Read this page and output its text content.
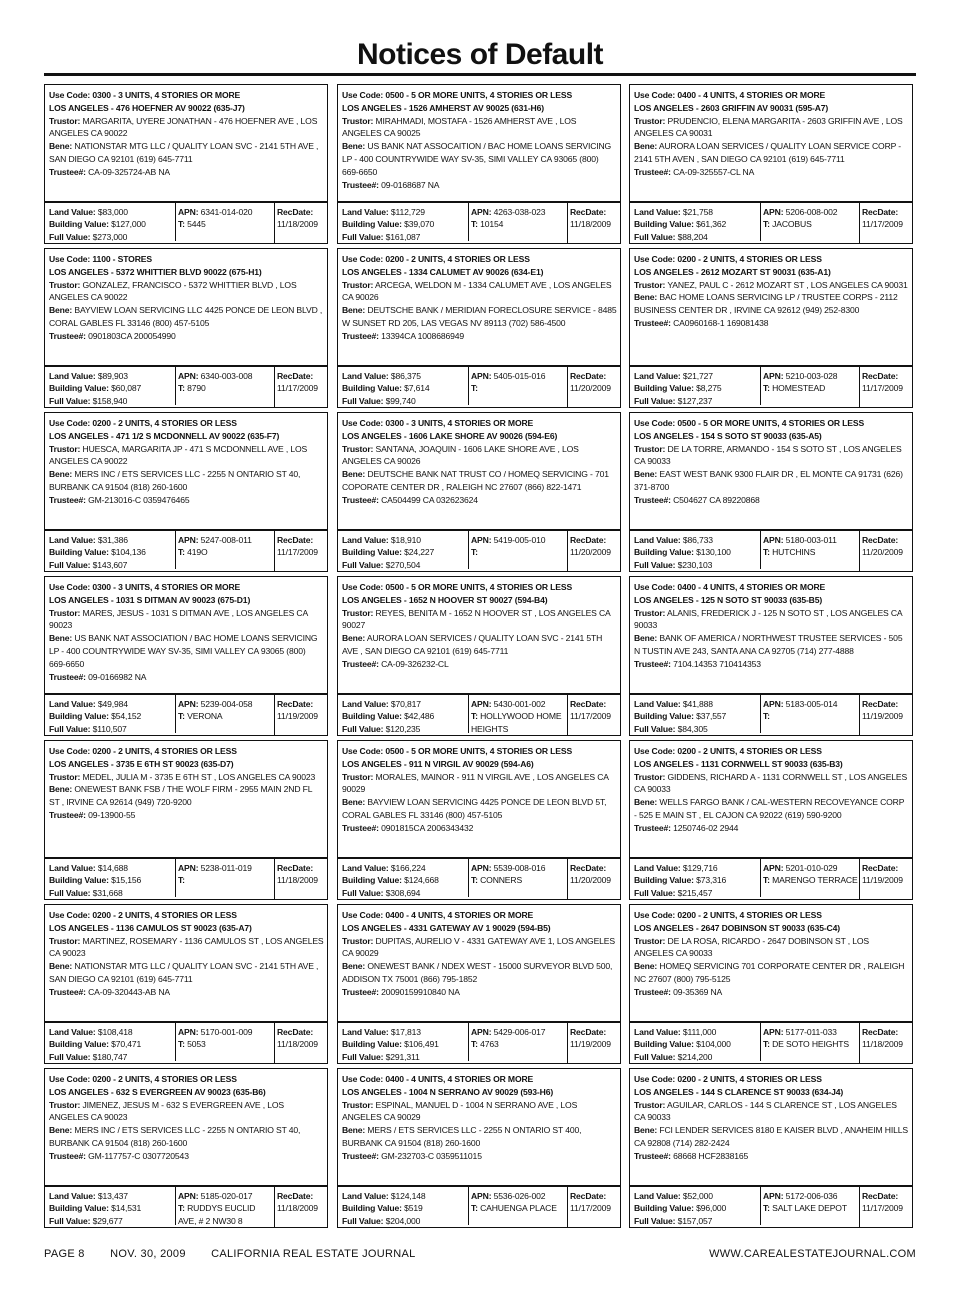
Notices of Default
Use Code: 0300 - 3 UNITS, 4 STORIES OR MORE
LOS ANGELES - 476 HOEFNER AV 90022 (635-J7)
Trustor: MARGARITA, UYERE JONATHAN - 476 HOEFNER AVE , LOS ANGELES CA 90022
Bene: NATIONSTAR MTG LLC / QUALITY LOAN SVC - 2141 5TH AVE , SAN DIEGO CA 92101 (619) 645-7711
Trustee#: CA-09-325724-AB NA
Land Value: $83,000
Building Value: $127,000
Full Value: $273,000
APN: 6341-014-020
T: 5445
RecDate:
11/18/2009
Use Code: 0500 - 5 OR MORE UNITS, 4 STORIES OR LESS
LOS ANGELES - 1526 AMHERST AV 90025 (631-H6)
Trustor: MIRAHMADI, MOSTAFA - 1526 AMHERST AVE , LOS ANGELES CA 90025
Bene: US BANK NAT ASSOCAITION / BAC HOME LOANS SERVICING LP - 400 COUNTRYWIDE WAY SV-35, SIMI VALLEY CA 93065 (800) 669-6650
Trustee#: 09-0168687 NA
Land Value: $112,729
Building Value: $39,070
Full Value: $161,087
APN: 4263-038-023
T: 10154
RecDate:
11/18/2009
Use Code: 0400 - 4 UNITS, 4 STORIES OR MORE
LOS ANGELES - 2603 GRIFFIN AV 90031 (595-A7)
Trustor: PRUDENCIO, ELENA MARGARITA - 2603 GRIFFIN AVE , LOS ANGELES CA 90031
Bene: AURORA LOAN SERVICES / QUALITY LOAN SERVICE CORP - 2141 5TH AVEN , SAN DIEGO CA 92101 (619) 645-7711
Trustee#: CA-09-325557-CL NA
Land Value: $21,758
Building Value: $61,362
Full Value: $88,204
APN: 5206-008-002
T: JACOBUS
RecDate:
11/17/2009
Use Code: 1100 - STORES
LOS ANGELES - 5372 WHITTIER BLVD 90022 (675-H1)
Trustor: GONZALEZ, FRANCISCO - 5372 WHITTIER BLVD , LOS ANGELES CA 90022
Bene: BAYVIEW LOAN SERVICING LLC 4425 PONCE DE LEON BLVD , CORAL GABLES FL 33146 (800) 457-5105
Trustee#: 0901803CA 200054990
Land Value: $89,903
Building Value: $60,087
Full Value: $158,940
APN: 6340-003-008
T: 8790
RecDate:
11/17/2009
Use Code: 0200 - 2 UNITS, 4 STORIES OR LESS
LOS ANGELES - 1334 CALUMET AV 90026 (634-E1)
Trustor: ARCEGA, WELDON M - 1334 CALUMET AVE , LOS ANGELES CA 90026
Bene: DEUTSCHE BANK / MERIDIAN FORECLOSURE SERVICE - 8485 W SUNSET RD 205, LAS VEGAS NV 89113 (702) 586-4500
Trustee#: 13394CA 1008686949
Land Value: $86,375
Building Value: $7,614
Full Value: $99,740
APN: 5405-015-016
T:
RecDate:
11/20/2009
Use Code: 0200 - 2 UNITS, 4 STORIES OR LESS
LOS ANGELES - 2612 MOZART ST 90031 (635-A1)
Trustor: YANEZ, PAUL C - 2612 MOZART ST , LOS ANGELES CA 90031
Bene: BAC HOME LOANS SERVICING LP / TRUSTEE CORPS - 2112 BUSINESS CENTER DR , IRVINE CA 92612 (949) 252-8300
Trustee#: CA0960168-1 169081438
Land Value: $21,727
Building Value: $8,275
Full Value: $127,237
APN: 5210-003-028
T: HOMESTEAD
RecDate:
11/17/2009
Use Code: 0200 - 2 UNITS, 4 STORIES OR LESS
LOS ANGELES - 471 1/2 S MCDONNELL AV 90022 (635-F7)
Trustor: HUESCA, MARGARITA JP - 471 S MCDONNELL AVE , LOS ANGELES CA 90022
Bene: MERS INC / ETS SERVICES LLC - 2255 N ONTARIO ST 40, BURBANK CA 91504 (818) 260-1600
Trustee#: GM-213016-C 0359476465
Land Value: $31,386
Building Value: $104,136
Full Value: $143,607
APN: 5247-008-011
T: 419O
RecDate:
11/17/2009
Use Code: 0300 - 3 UNITS, 4 STORIES OR MORE
LOS ANGELES - 1606 LAKE SHORE AV 90026 (594-E6)
Trustor: SANTANA, JOAQUIN - 1606 LAKE SHORE AVE , LOS ANGELES CA 90026
Bene: DEUTSCHE BANK NAT TRUST CO / HOMEQ SERVICING - 701 COPORATE CENTER DR , RALEIGH NC 27607 (866) 822-1471
Trustee#: CA504499 CA 032623624
Land Value: $18,910
Building Value: $24,227
Full Value: $270,504
APN: 5419-005-010
T:
RecDate:
11/20/2009
Use Code: 0500 - 5 OR MORE UNITS, 4 STORIES OR LESS
LOS ANGELES - 154 S SOTO ST 90033 (635-A5)
Trustor: DE LA TORRE, ARMANDO - 154 S SOTO ST , LOS ANGELES CA 90033
Bene: EAST WEST BANK 9300 FLAIR DR , EL MONTE CA 91731 (626) 371-8700
Trustee#: C504627 CA 89220868
Land Value: $86,733
Building Value: $130,100
Full Value: $230,103
APN: 5180-003-011
T: HUTCHINS
RecDate:
11/20/2009
Use Code: 0300 - 3 UNITS, 4 STORIES OR MORE
LOS ANGELES - 1031 S DITMAN AV 90023 (675-D1)
Trustor: MARES, JESUS - 1031 S DITMAN AVE , LOS ANGELES CA 90023
Bene: US BANK NAT ASSOCIATION / BAC HOME LOANS SERVICING LP - 400 COUNTRYWIDE WAY SV-35, SIMI VALLEY CA 93065 (800) 669-6650
Trustee#: 09-0166982 NA
Land Value: $49,984
Building Value: $54,152
Full Value: $110,507
APN: 5239-004-058
T: VERONA
RecDate:
11/19/2009
Use Code: 0500 - 5 OR MORE UNITS, 4 STORIES OR LESS
LOS ANGELES - 1652 N HOOVER ST 90027 (594-B4)
Trustor: REYES, BENITA M - 1652 N HOOVER ST , LOS ANGELES CA 90027
Bene: AURORA LOAN SERVICES / QUALITY LOAN SVC - 2141 5TH AVE , SAN DIEGO CA 92101 (619) 645-7711
Trustee#: CA-09-326232-CL
Land Value: $70,817
Building Value: $42,486
Full Value: $120,235
APN: 5430-001-002
T: HOLLYWOOD HOME HEIGHTS
RecDate:
11/17/2009
Use Code: 0400 - 4 UNITS, 4 STORIES OR MORE
LOS ANGELES - 125 N SOTO ST 90033 (635-B5)
Trustor: ALANIS, FREDERICK J - 125 N SOTO ST , LOS ANGELES CA 90033
Bene: BANK OF AMERICA / NORTHWEST TRUSTEE SERVICES - 505 N TUSTIN AVE 243, SANTA ANA CA 92705 (714) 277-4888
Trustee#: 7104.14353 710414353
Land Value: $41,888
Building Value: $37,557
Full Value: $84,305
APN: 5183-005-014
T:
RecDate:
11/19/2009
Use Code: 0200 - 2 UNITS, 4 STORIES OR LESS
LOS ANGELES - 3735 E 6TH ST 90023 (635-D7)
Trustor: MEDEL, JULIA M - 3735 E 6TH ST , LOS ANGELES CA 90023
Bene: ONEWEST BANK FSB / THE WOLF FIRM - 2955 MAIN 2ND FL ST , IRVINE CA 92614 (949) 720-9200
Trustee#: 09-13900-55
Land Value: $14,688
Building Value: $15,156
Full Value: $31,668
APN: 5238-011-019
T:
RecDate:
11/18/2009
Use Code: 0500 - 5 OR MORE UNITS, 4 STORIES OR LESS
LOS ANGELES - 911 N VIRGIL AV 90029 (594-A6)
Trustor: MORALES, MAINOR - 911 N VIRGIL AVE , LOS ANGELES CA 90029
Bene: BAYVIEW LOAN SERVICING 4425 PONCE DE LEON BLVD 5T, CORAL GABLES FL 33146 (800) 457-5105
Trustee#: 0901815CA 2006343432
Land Value: $166,224
Building Value: $124,668
Full Value: $308,694
APN: 5539-008-016
T: CONNERS
RecDate:
11/20/2009
Use Code: 0200 - 2 UNITS, 4 STORIES OR LESS
LOS ANGELES - 1131 CORNWELL ST 90033 (635-B3)
Trustor: GIDDENS, RICHARD A - 1131 CORNWELL ST , LOS ANGELES CA 90033
Bene: WELLS FARGO BANK / CAL-WESTERN RECOVEYANCE CORP - 525 E MAIN ST , EL CAJON CA 92022 (619) 590-9200
Trustee#: 1250746-02 2944
Land Value: $129,716
Building Value: $73,316
Full Value: $215,457
APN: 5201-010-029
T: MARENGO TERRACE
RecDate:
11/19/2009
Use Code: 0200 - 2 UNITS, 4 STORIES OR LESS
LOS ANGELES - 1136 CAMULOS ST 90023 (635-A7)
Trustor: MARTINEZ, ROSEMARY - 1136 CAMULOS ST , LOS ANGELES CA 90023
Bene: NATIONSTAR MTG LLC / QUALITY LOAN SVC - 2141 5TH AVE , SAN DIEGO CA 92101 (619) 645-7711
Trustee#: CA-09-320443-AB NA
Land Value: $108,418
Building Value: $70,471
Full Value: $180,747
APN: 5170-001-009
T: 5053
RecDate:
11/18/2009
Use Code: 0400 - 4 UNITS, 4 STORIES OR MORE
LOS ANGELES - 4331 GATEWAY AV 1 90029 (594-B5)
Trustor: DUPITAS, AURELIO V - 4331 GATEWAY AVE 1, LOS ANGELES CA 90029
Bene: ONEWEST BANK / NDEX WEST - 15000 SURVEYOR BLVD 500, ADDISON TX 75001 (866) 795-1852
Trustee#: 20090159910840 NA
Land Value: $17,813
Building Value: $106,491
Full Value: $291,311
APN: 5429-006-017
T: 4763
RecDate:
11/19/2009
Use Code: 0200 - 2 UNITS, 4 STORIES OR LESS
LOS ANGELES - 2647 DOBINSON ST 90033 (635-C4)
Trustor: DE LA ROSA, RICARDO - 2647 DOBINSON ST , LOS ANGELES CA 90033
Bene: HOMEQ SERVICING 701 CORPORATE CENTER DR , RALEIGH NC 27607 (800) 795-5125
Trustee#: 09-35369 NA
Land Value: $111,000
Building Value: $104,000
Full Value: $214,200
APN: 5177-011-033
T: DE SOTO HEIGHTS
RecDate:
11/18/2009
Use Code: 0200 - 2 UNITS, 4 STORIES OR LESS
LOS ANGELES - 632 S EVERGREEN AV 90023 (635-B6)
Trustor: JIMENEZ, JESUS M - 632 S EVERGREEN AVE , LOS ANGELES CA 90023
Bene: MERS INC / ETS SERVICES LLC - 2255 N ONTARIO ST 40, BURBANK CA 91504 (818) 260-1600
Trustee#: GM-117757-C 0307720543
Land Value: $13,437
Building Value: $14,531
Full Value: $29,677
APN: 5185-020-017
T: RUDDYS EUCLID AVE, # 2 NW30 8
RecDate:
11/18/2009
Use Code: 0400 - 4 UNITS, 4 STORIES OR MORE
LOS ANGELES - 1004 N SERRANO AV 90029 (593-H6)
Trustor: ESPINAL, MANUEL D - 1004 N SERRANO AVE , LOS ANGELES CA 90029
Bene: MERS / ETS SERVICES LLC - 2255 N ONTARIO ST 400, BURBANK CA 91504 (818) 260-1600
Trustee#: GM-232703-C 0359511015
Land Value: $124,148
Building Value: $519
Full Value: $204,000
APN: 5536-026-002
T: CAHUENGA PLACE
RecDate:
11/17/2009
Use Code: 0200 - 2 UNITS, 4 STORIES OR LESS
LOS ANGELES - 144 S CLARENCE ST 90033 (634-J4)
Trustor: AGUILAR, CARLOS - 144 S CLARENCE ST , LOS ANGELES CA 90033
Bene: FCI LENDER SERVICES 8180 E KAISER BLVD , ANAHEIM HILLS CA 92808 (714) 282-2424
Trustee#: 68668 HCF2838165
Land Value: $52,000
Building Value: $96,000
Full Value: $157,057
APN: 5172-006-036
T: SALT LAKE DEPOT
RecDate:
11/17/2009
PAGE 8 NOV. 30, 2009 CALIFORNIA REAL ESTATE JOURNAL	WWW.CAREALESTATEJOURNAL.COM
